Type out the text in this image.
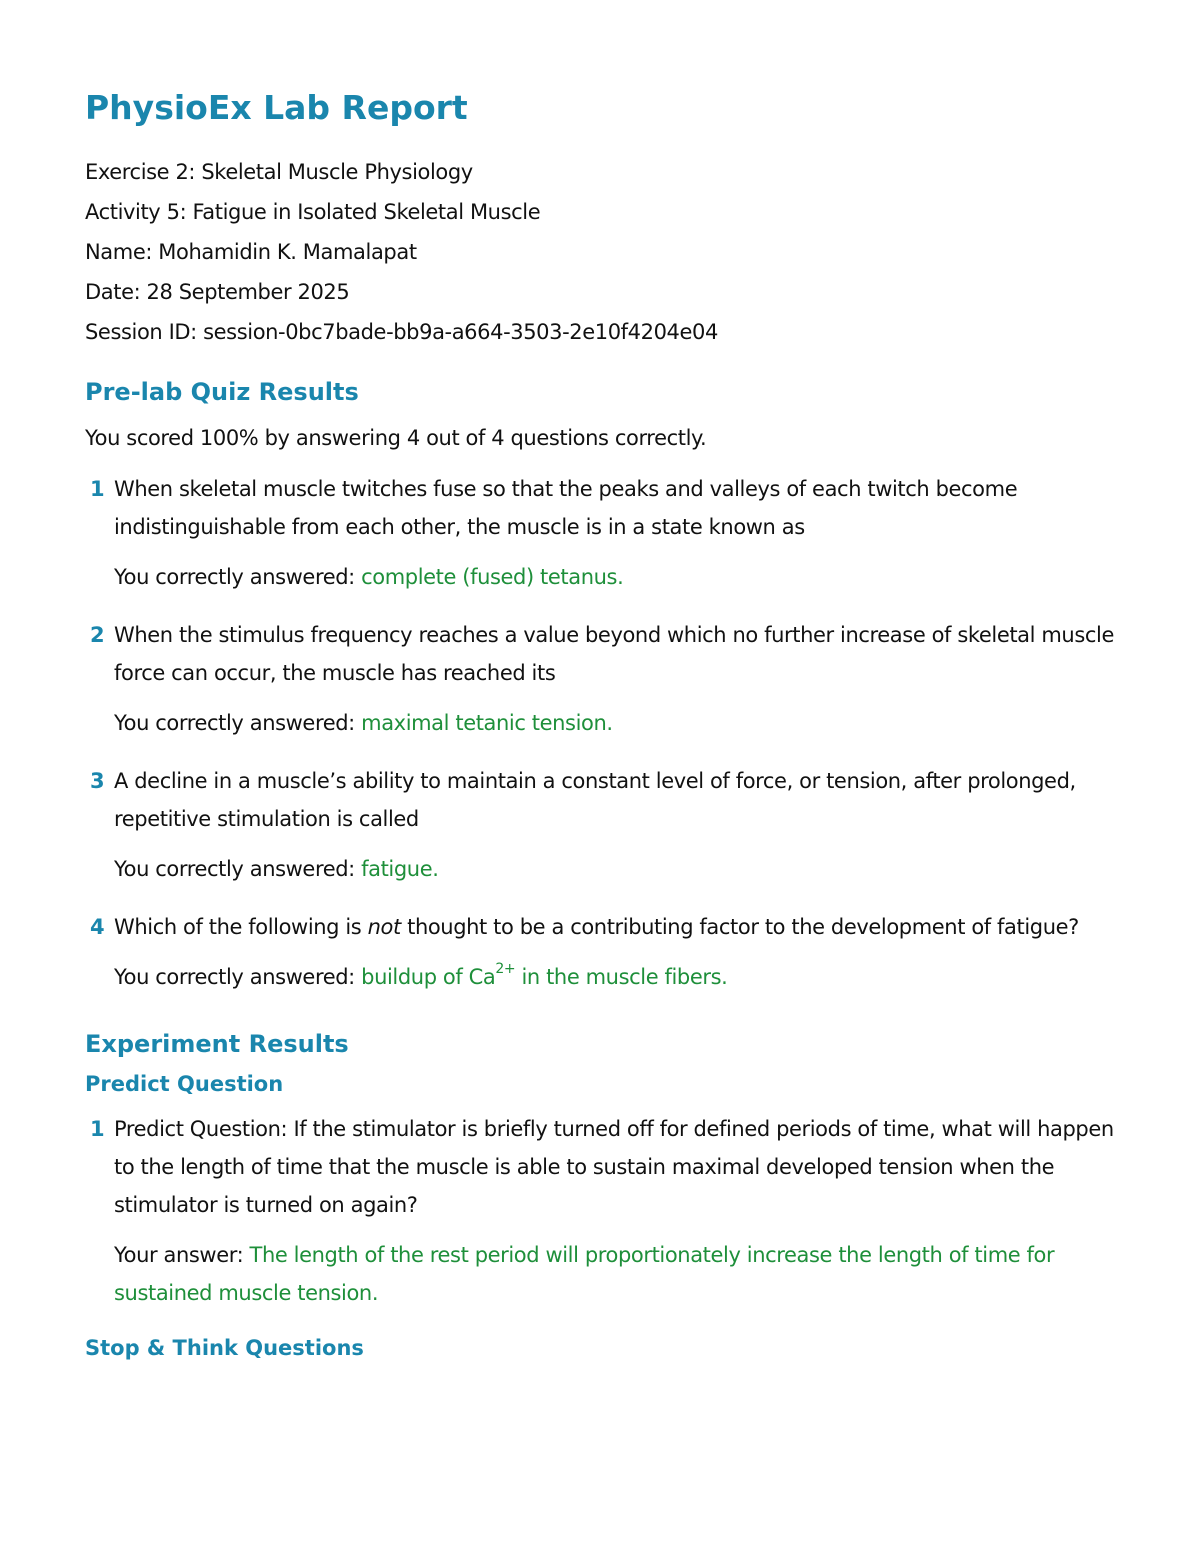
PhysioEx Lab Report
Exercise 2: Skeletal Muscle Physiology
Activity 5: Fatigue in Isolated Skeletal Muscle
Name: Mohamidin K. Mamalapat
Date: 28 September 2025
Session ID: session-0bc7bade-bb9a-a664-3503-2e10f4204e04
Pre-lab Quiz Results
You scored 100% by answering 4 out of 4 questions correctly.
1 When skeletal muscle twitches fuse so that the peaks and valleys of each twitch become indistinguishable from each other, the muscle is in a state known as
You correctly answered: complete (fused) tetanus.
2 When the stimulus frequency reaches a value beyond which no further increase of skeletal muscle force can occur, the muscle has reached its
You correctly answered: maximal tetanic tension.
3 A decline in a muscle’s ability to maintain a constant level of force, or tension, after prolonged, repetitive stimulation is called
You correctly answered: fatigue.
4 Which of the following is not thought to be a contributing factor to the development of fatigue?
You correctly answered: buildup of $Ca^{2+}$ in the muscle fibers.
Experiment Results
Predict Question
1 Predict Question: If the stimulator is briefly turned off for defined periods of time, what will happen to the length of time that the muscle is able to sustain maximal developed tension when the stimulator is turned on again?
Your answer: The length of the rest period will proportionately increase the length of time for sustained muscle tension.
Stop & Think Questions
